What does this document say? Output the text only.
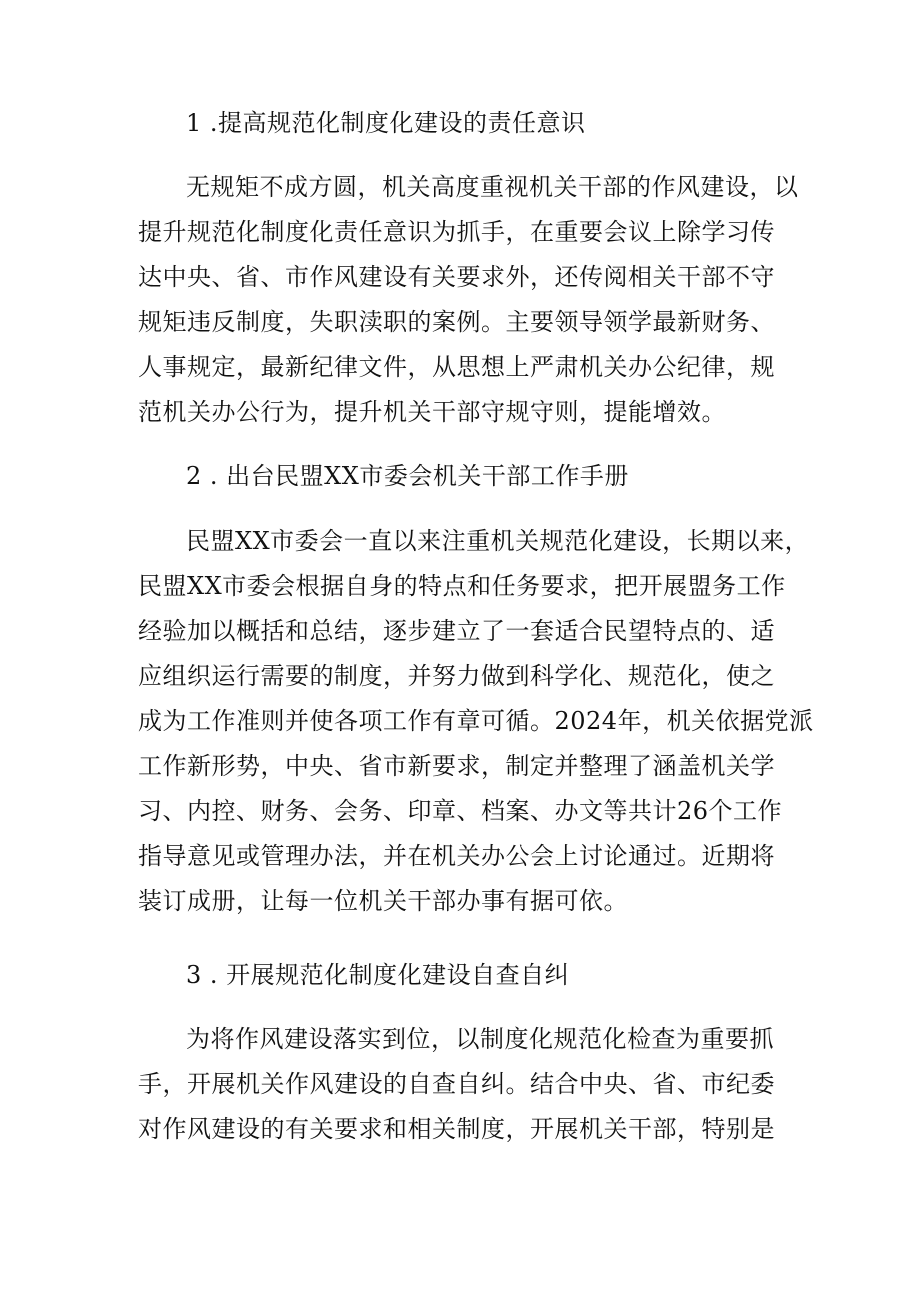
1 .提高规范化制度化建设的责任意识
无规矩不成方圆，机关高度重视机关干部的作风建设，以
提升规范化制度化责任意识为抓手，在重要会议上除学习传
达中央、省、市作风建设有关要求外，还传阅相关干部不守
规矩违反制度，失职渎职的案例。主要领导领学最新财务、
人事规定，最新纪律文件，从思想上严肃机关办公纪律，规
范机关办公行为，提升机关干部守规守则，提能增效。
2 . 出台民盟XX市委会机关干部工作手册
民盟XX市委会一直以来注重机关规范化建设，长期以来，
民盟XX市委会根据自身的特点和任务要求，把开展盟务工作
经验加以概括和总结，逐步建立了一套适合民望特点的、适
应组织运行需要的制度，并努力做到科学化、规范化，使之
成为工作准则并使各项工作有章可循。2024年，机关依据党派
工作新形势，中央、省市新要求，制定并整理了涵盖机关学
习、内控、财务、会务、印章、档案、办文等共计26个工作
指导意见或管理办法，并在机关办公会上讨论通过。近期将
装订成册，让每一位机关干部办事有据可依。
3 . 开展规范化制度化建设自查自纠
为将作风建设落实到位，以制度化规范化检查为重要抓
手，开展机关作风建设的自查自纠。结合中央、省、市纪委
对作风建设的有关要求和相关制度，开展机关干部，特别是
